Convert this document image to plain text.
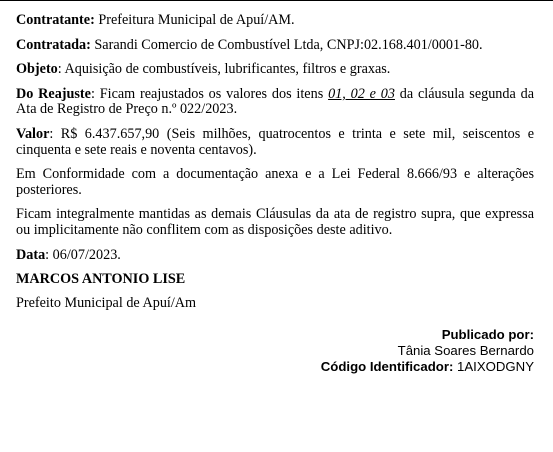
Contratante: Prefeitura Municipal de Apuí/AM.

Contratada: Sarandi Comercio de Combustível Ltda, CNPJ:02.168.401/0001-80.

Objeto: Aquisição de combustíveis, lubrificantes, filtros e graxas.

Do Reajuste: Ficam reajustados os valores dos itens 01, 02 e 03 da cláusula segunda da Ata de Registro de Preço n.º 022/2023.

Valor: R$ 6.437.657,90 (Seis milhões, quatrocentos e trinta e sete mil, seiscentos e cinquenta e sete reais e noventa centavos).

Em Conformidade com a documentação anexa e a Lei Federal 8.666/93 e alterações posteriores.

Ficam integralmente mantidas as demais Cláusulas da ata de registro supra, que expressa ou implicitamente não conflitem com as disposições deste aditivo.

Data: 06/07/2023.

MARCOS ANTONIO LISE

Prefeito Municipal de Apuí/Am

Publicado por:
Tânia Soares Bernardo
Código Identificador: 1AIXODGNY
